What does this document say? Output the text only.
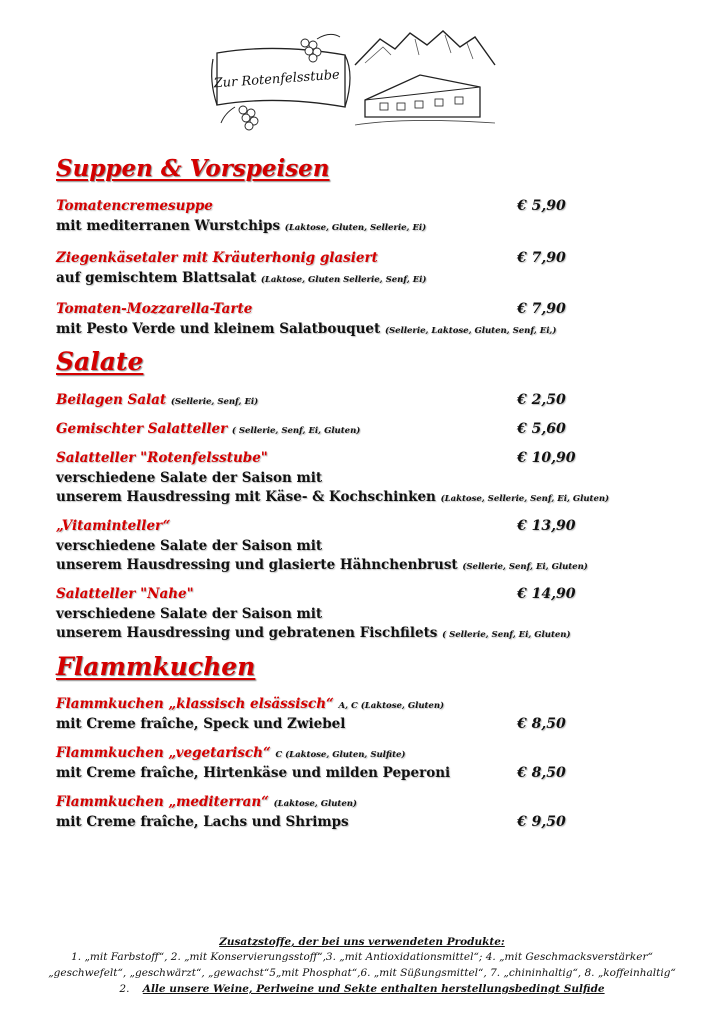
Zur Rotenfelsstube
Suppen & Vorspeisen
Tomatencremesuppe	€ 5,90
mit mediterranen Wurstchips (Laktose, Gluten, Sellerie, Ei)
Ziegenkäsetaler mit Kräuterhonig glasiert	€ 7,90
auf gemischtem Blattsalat (Laktose, Gluten Sellerie, Senf, Ei)
Tomaten-Mozzarella-Tarte	€ 7,90
mit Pesto Verde und kleinem Salatbouquet (Sellerie, Laktose, Gluten, Senf, Ei,)
Salate
Beilagen Salat (Sellerie, Senf, Ei)	€ 2,50
Gemischter Salatteller ( Sellerie, Senf, Ei, Gluten)	€ 5,60
Salatteller "Rotenfelsstube"	€ 10,90
verschiedene Salate der Saison mit
unserem Hausdressing mit Käse- & Kochschinken (Laktose, Sellerie, Senf, Ei, Gluten)
„Vitaminteller“	€ 13,90
verschiedene Salate der Saison mit
unserem Hausdressing und glasierte Hähnchenbrust (Sellerie, Senf, Ei, Gluten)
Salatteller "Nahe"	€ 14,90
verschiedene Salate der Saison mit
unserem Hausdressing und gebratenen Fischfilets ( Sellerie, Senf, Ei, Gluten)
Flammkuchen
Flammkuchen „klassisch elsässisch“ A, C (Laktose, Gluten)
mit Creme fraîche, Speck und Zwiebel	€ 8,50
Flammkuchen „vegetarisch“ C (Laktose, Gluten, Sulfite)
mit Creme fraîche, Hirtenkäse und milden Peperoni	€ 8,50
Flammkuchen „mediterran“ (Laktose, Gluten)
mit Creme fraîche, Lachs und Shrimps	€ 9,50
Zusatzstoffe, der bei uns verwendeten Produkte:
1. „mit Farbstoff“, 2. „mit Konservierungsstoff“,3. „mit Antioxidationsmittel“; 4. „mit Geschmacksverstärker“
„geschwefelt“, „geschwärzt“, „gewachst“5„mit Phosphat“,6. „mit Süßungsmittel“, 7. „chininhaltig“, 8. „koffeinhaltig“
2. Alle unsere Weine, Perlweine und Sekte enthalten herstellungsbedingt Sulfide
